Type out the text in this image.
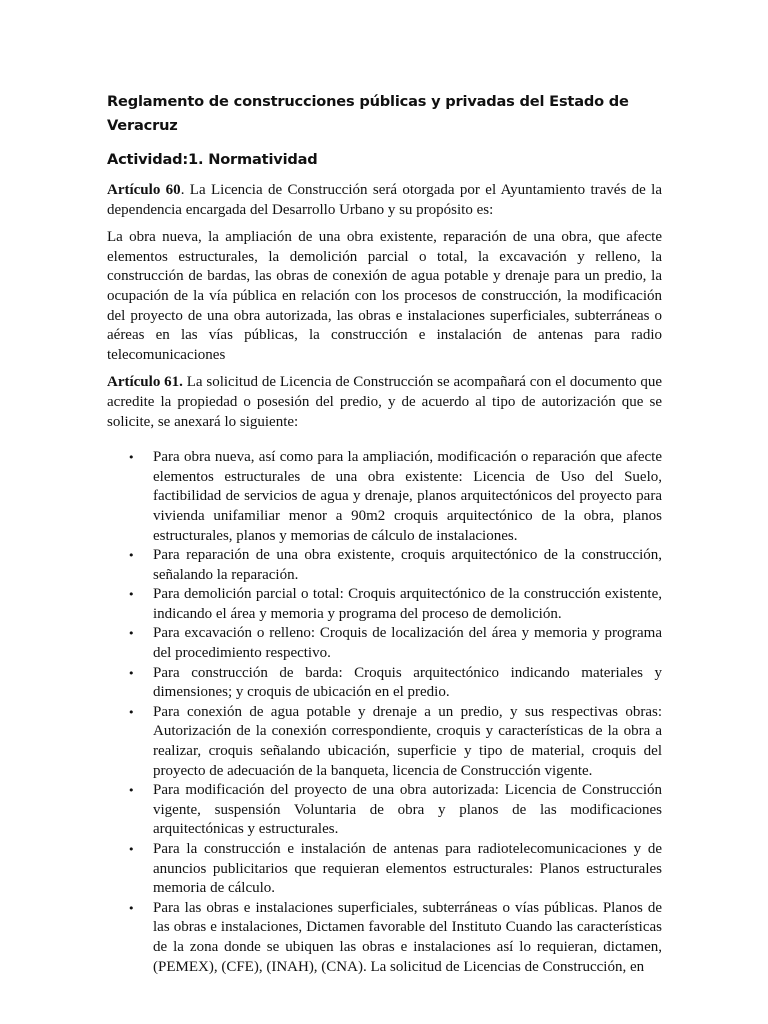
Reglamento de construcciones públicas y privadas del Estado de Veracruz
Actividad:1. Normatividad

Artículo 60. La Licencia de Construcción será otorgada por el Ayuntamiento través de la dependencia encargada del Desarrollo Urbano y su propósito es:

La obra nueva, la ampliación de una obra existente, reparación de una obra, que afecte elementos estructurales, la demolición parcial o total, la excavación y relleno, la construcción de bardas, las obras de conexión de agua potable y drenaje para un predio, la ocupación de la vía pública en relación con los procesos de construcción, la modificación del proyecto de una obra autorizada, las obras e instalaciones superficiales, subterráneas o aéreas en las vías públicas, la construcción e instalación de antenas para radio telecomunicaciones

Artículo 61. La solicitud de Licencia de Construcción se acompañará con el documento que acredite la propiedad o posesión del predio, y de acuerdo al tipo de autorización que se solicite, se anexará lo siguiente:

• Para obra nueva, así como para la ampliación, modificación o reparación que afecte elementos estructurales de una obra existente: Licencia de Uso del Suelo, factibilidad de servicios de agua y drenaje, planos arquitectónicos del proyecto para vivienda unifamiliar menor a 90m2 croquis arquitectónico de la obra, planos estructurales, planos y memorias de cálculo de instalaciones.
• Para reparación de una obra existente, croquis arquitectónico de la construcción, señalando la reparación.
• Para demolición parcial o total: Croquis arquitectónico de la construcción existente, indicando el área y memoria y programa del proceso de demolición.
• Para excavación o relleno: Croquis de localización del área y memoria y programa del procedimiento respectivo.
• Para construcción de barda: Croquis arquitectónico indicando materiales y dimensiones; y croquis de ubicación en el predio.
• Para conexión de agua potable y drenaje a un predio, y sus respectivas obras: Autorización de la conexión correspondiente, croquis y características de la obra a realizar, croquis señalando ubicación, superficie y tipo de material, croquis del proyecto de adecuación de la banqueta, licencia de Construcción vigente.
• Para modificación del proyecto de una obra autorizada: Licencia de Construcción vigente, suspensión Voluntaria de obra y planos de las modificaciones arquitectónicas y estructurales.
• Para la construcción e instalación de antenas para radiotelecomunicaciones y de anuncios publicitarios que requieran elementos estructurales: Planos estructurales memoria de cálculo.
• Para las obras e instalaciones superficiales, subterráneas o vías públicas. Planos de las obras e instalaciones, Dictamen favorable del Instituto Cuando las características de la zona donde se ubiquen las obras e instalaciones así lo requieran, dictamen, (PEMEX), (CFE), (INAH), (CNA). La solicitud de Licencias de Construcción, en
